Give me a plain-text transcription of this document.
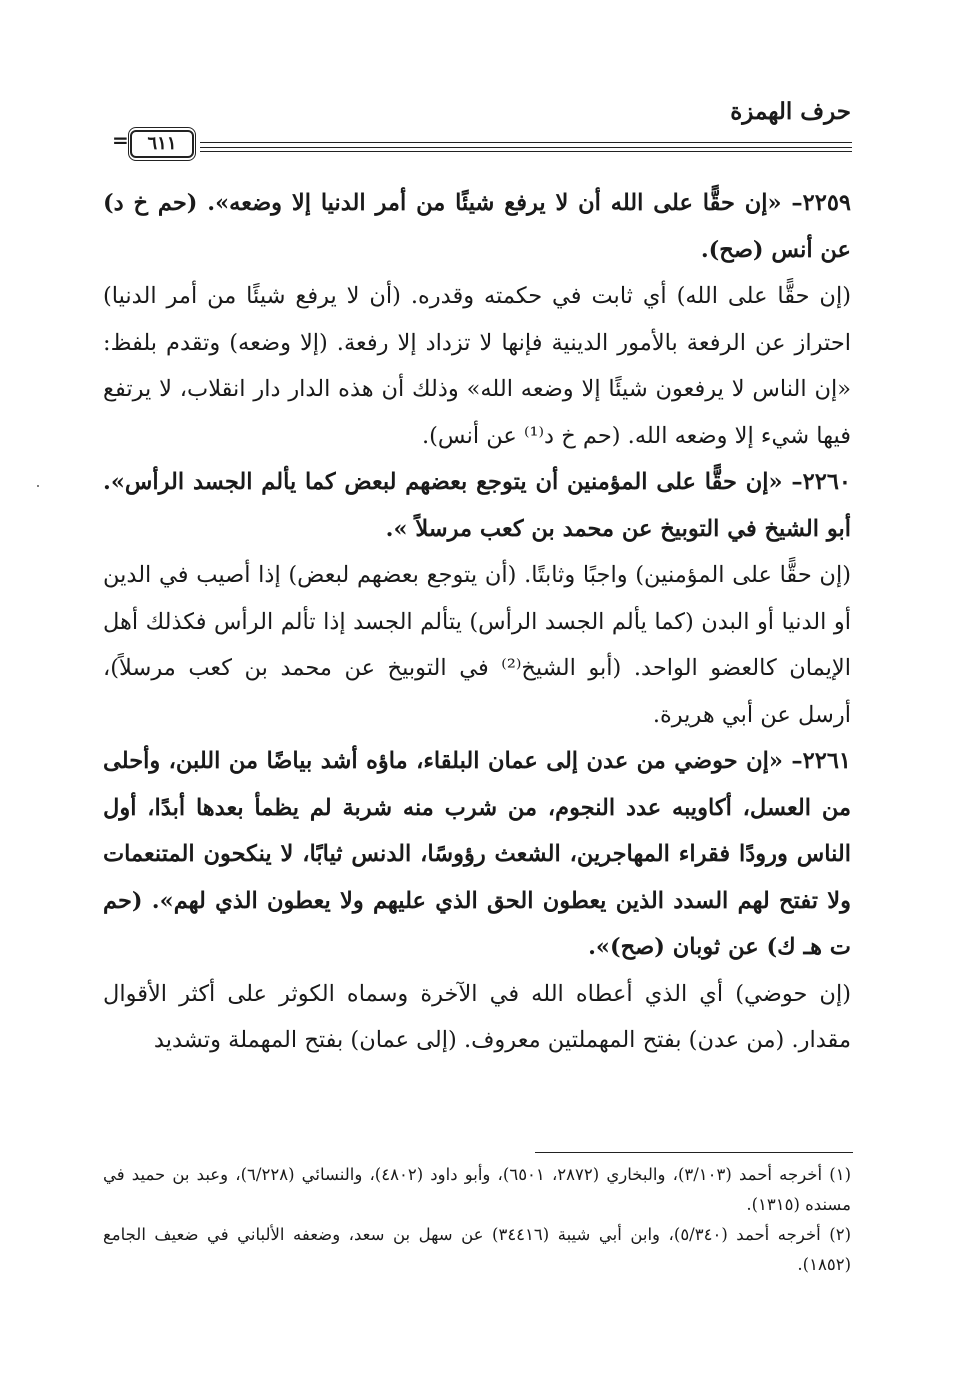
حرف الهمزة
٦١١
=

٢٢٥٩– «إن حقًّا على الله أن لا يرفع شيئًا من أمر الدنيا إلا وضعه». (حم خ د) عن أنس (صح).

(إن حقًّا على الله) أي ثابت في حكمته وقدره. (أن لا يرفع شيئًا من أمر الدنيا) احتراز عن الرفعة بالأمور الدينية فإنها لا تزداد إلا رفعة. (إلا وضعه) وتقدم بلفظ: «إن الناس لا يرفعون شيئًا إلا وضعه الله» وذلك أن هذه الدار دار انقلاب، لا يرتفع فيها شيء إلا وضعه الله. (حم خ د⁽¹⁾ عن أنس).

٢٢٦٠– «إن حقًّا على المؤمنين أن يتوجع بعضهم لبعض كما يألم الجسد الرأس». أبو الشيخ في التوبيخ عن محمد بن كعب مرسلاً ».

(إن حقًّا على المؤمنين) واجبًا وثابتًا. (أن يتوجع بعضهم لبعض) إذا أصيب في الدين أو الدنيا أو البدن (كما يألم الجسد الرأس) يتألم الجسد إذا تألم الرأس فكذلك أهل الإيمان كالعضو الواحد. (أبو الشيخ⁽²⁾ في التوبيخ عن محمد بن كعب مرسلاً)، أرسل عن أبي هريرة.

٢٢٦١– «إن حوضي من عدن إلى عمان البلقاء، ماؤه أشد بياضًا من اللبن، وأحلى من العسل، أكاويبه عدد النجوم، من شرب منه شربة لم يظمأ بعدها أبدًا، أول الناس ورودًا فقراء المهاجرين، الشعث رؤوسًا، الدنس ثيابًا، لا ينكحون المتنعمات ولا تفتح لهم السدد الذين يعطون الحق الذي عليهم ولا يعطون الذي لهم». (حم ت هـ ك) عن ثوبان (صح)».

(إن حوضي) أي الذي أعطاه الله في الآخرة وسماه الكوثر على أكثر الأقوال مقدار. (من عدن) بفتح المهملتين معروف. (إلى عمان) بفتح المهملة وتشديد

(١) أخرجه أحمد (٣/١٠٣)، والبخاري (٢٨٧٢، ٦٥٠١)، وأبو داود (٤٨٠٢)، والنسائي (٦/٢٢٨)، وعبد بن حميد في مسنده (١٣١٥).

(٢) أخرجه أحمد (٥/٣٤٠)، وابن أبي شيبة (٣٤٤١٦) عن سهل بن سعد، وضعفه الألباني في ضعيف الجامع (١٨٥٢).
